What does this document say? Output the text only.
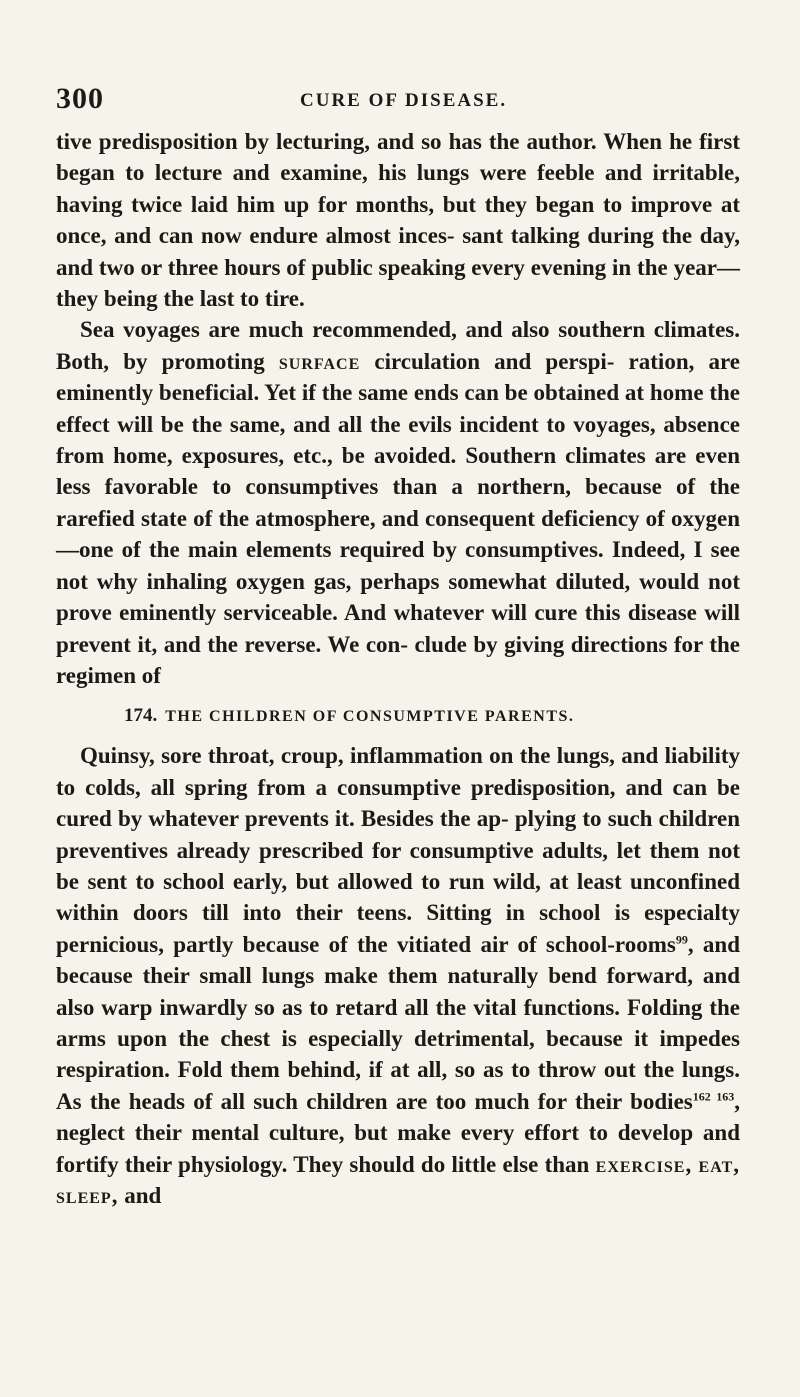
300	CURE OF DISEASE.

tive predisposition by lecturing, and so has the author. When he first began to lecture and examine, his lungs were feeble and irritable, having twice laid him up for months, but they began to improve at once, and can now endure almost inces- sant talking during the day, and two or three hours of public speaking every evening in the year—they being the last to tire.

Sea voyages are much recommended, and also southern climates. Both, by promoting surface circulation and perspi- ration, are eminently beneficial. Yet if the same ends can be obtained at home the effect will be the same, and all the evils incident to voyages, absence from home, exposures, etc., be avoided. Southern climates are even less favorable to consumptives than a northern, because of the rarefied state of the atmosphere, and consequent deficiency of oxygen—one of the main elements required by consumptives. Indeed, I see not why inhaling oxygen gas, perhaps somewhat diluted, would not prove eminently serviceable. And whatever will cure this disease will prevent it, and the reverse. We con- clude by giving directions for the regimen of

174. THE CHILDREN OF CONSUMPTIVE PARENTS.

Quinsy, sore throat, croup, inflammation on the lungs, and liability to colds, all spring from a consumptive predisposition, and can be cured by whatever prevents it. Besides the ap- plying to such children preventives already prescribed for consumptive adults, let them not be sent to school early, but allowed to run wild, at least unconfined within doors till into their teens. Sitting in school is especialty pernicious, partly because of the vitiated air of school-rooms$^{99}$, and because their small lungs make them naturally bend forward, and also warp inwardly so as to retard all the vital functions. Folding the arms upon the chest is especially detrimental, because it impedes respiration. Fold them behind, if at all, so as to throw out the lungs. As the heads of all such children are too much for their bodies$^{162 163}$, neglect their mental culture, but make every effort to develop and fortify their physiology. They should do little else than exercise, eat, sleep, and
